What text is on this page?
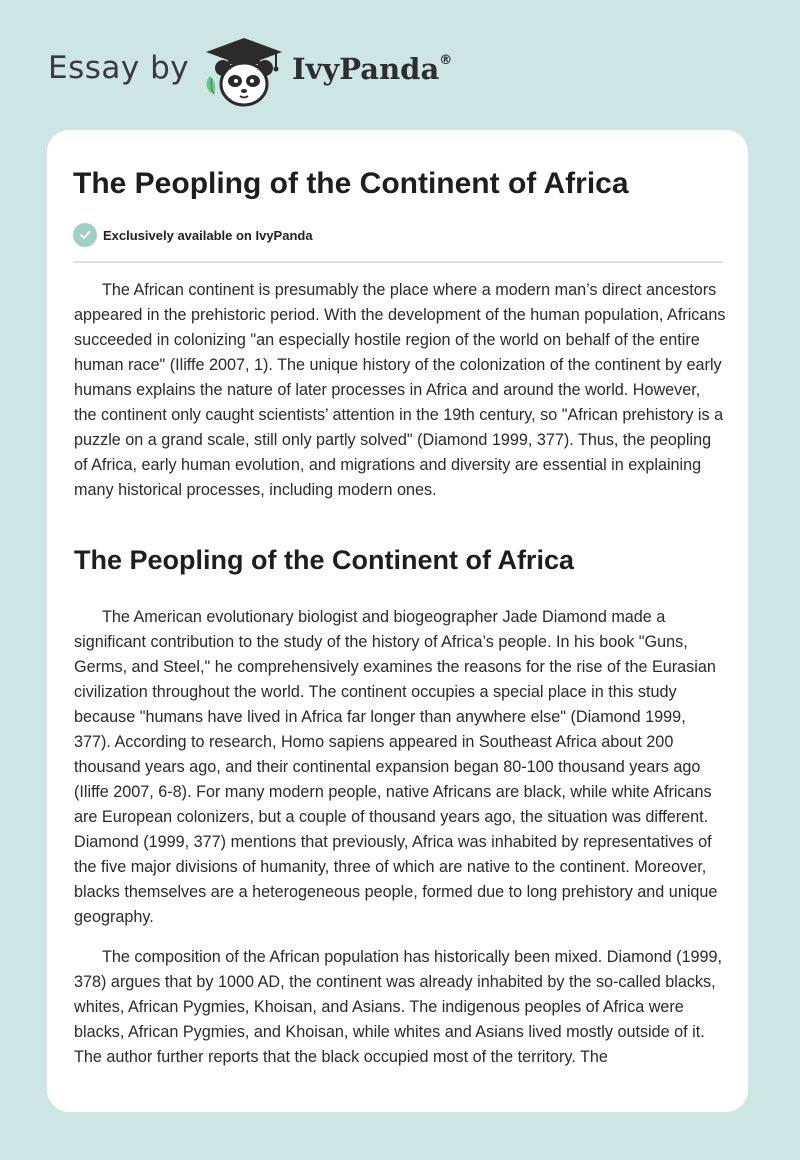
Essay by	IvyPanda®
The Peopling of the Continent of Africa
Exclusively available on IvyPanda

The African continent is presumably the place where a modern man’s direct ancestors appeared in the prehistoric period. With the development of the human population, Africans succeeded in colonizing "an especially hostile region of the world on behalf of the entire human race" (Iliffe 2007, 1). The unique history of the colonization of the continent by early humans explains the nature of later processes in Africa and around the world. However, the continent only caught scientists’ attention in the 19th century, so "African prehistory is a puzzle on a grand scale, still only partly solved" (Diamond 1999, 377). Thus, the peopling of Africa, early human evolution, and migrations and diversity are essential in explaining many historical processes, including modern ones.

The Peopling of the Continent of Africa

The American evolutionary biologist and biogeographer Jade Diamond made a significant contribution to the study of the history of Africa’s people. In his book "Guns, Germs, and Steel," he comprehensively examines the reasons for the rise of the Eurasian civilization throughout the world. The continent occupies a special place in this study because "humans have lived in Africa far longer than anywhere else" (Diamond 1999, 377). According to research, Homo sapiens appeared in Southeast Africa about 200 thousand years ago, and their continental expansion began 80-100 thousand years ago (Iliffe 2007, 6-8). For many modern people, native Africans are black, while white Africans are European colonizers, but a couple of thousand years ago, the situation was different. Diamond (1999, 377) mentions that previously, Africa was inhabited by representatives of the five major divisions of humanity, three of which are native to the continent. Moreover, blacks themselves are a heterogeneous people, formed due to long prehistory and unique geography.

The composition of the African population has historically been mixed. Diamond (1999, 378) argues that by 1000 AD, the continent was already inhabited by the so-called blacks, whites, African Pygmies, Khoisan, and Asians. The indigenous peoples of Africa were blacks, African Pygmies, and Khoisan, while whites and Asians lived mostly outside of it. The author further reports that the black occupied most of the territory. The
